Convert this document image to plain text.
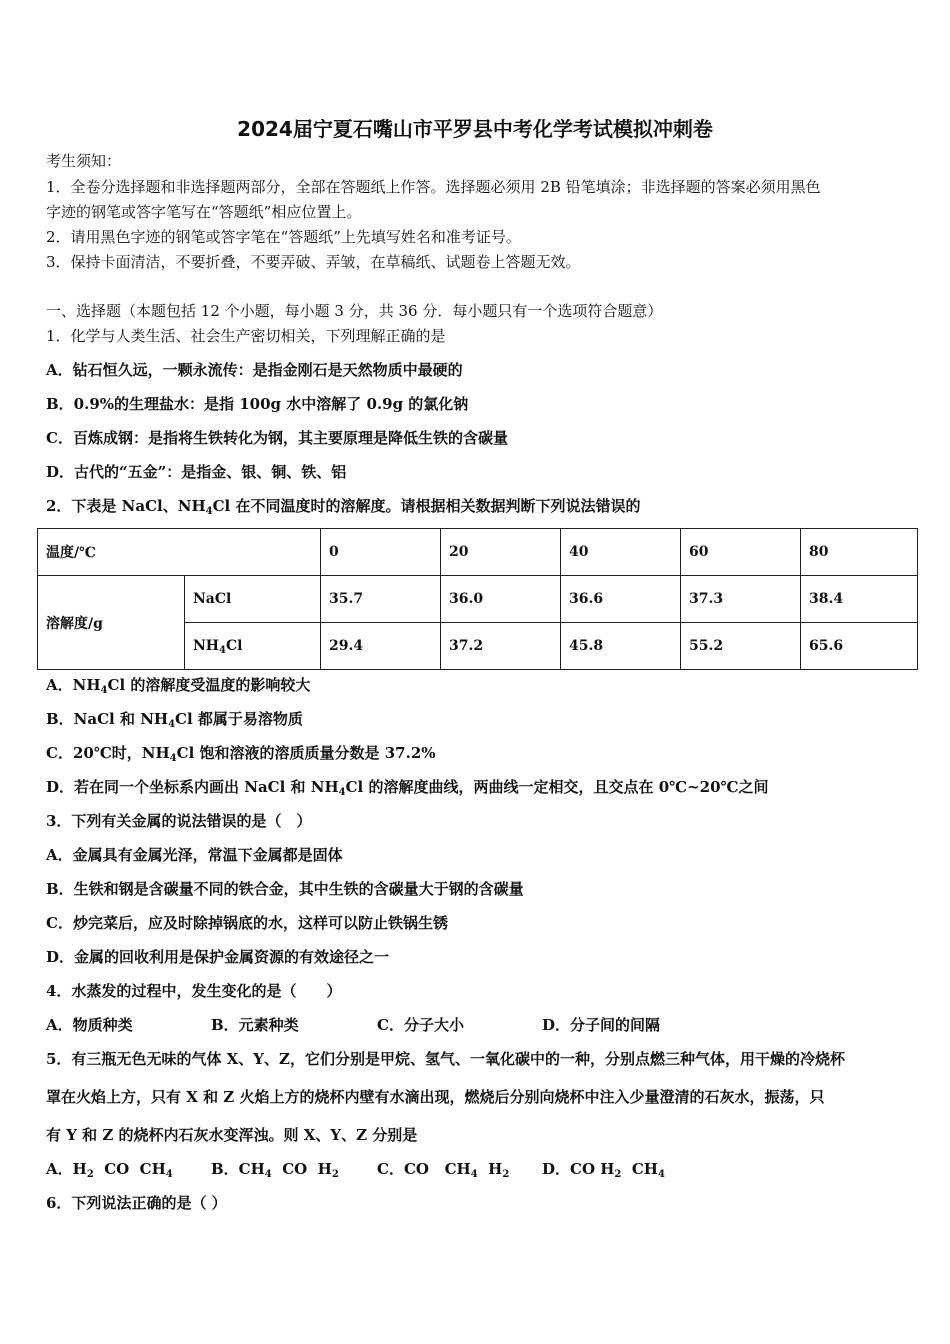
2024届宁夏石嘴山市平罗县中考化学考试模拟冲刺卷
考生须知：
1．全卷分选择题和非选择题两部分，全部在答题纸上作答。选择题必须用 2B 铅笔填涂；非选择题的答案必须用黑色
字迹的钢笔或答字笔写在“答题纸”相应位置上。
2．请用黑色字迹的钢笔或答字笔在“答题纸”上先填写姓名和准考证号。
3．保持卡面清洁，不要折叠，不要弄破、弄皱，在草稿纸、试题卷上答题无效。
一、选择题（本题包括 12 个小题，每小题 3 分，共 36 分．每小题只有一个选项符合题意）
1．化学与人类生活、社会生产密切相关，下列理解正确的是
A．钻石恒久远，一颗永流传：是指金刚石是天然物质中最硬的
B．0.9%的生理盐水：是指 100g 水中溶解了 0.9g 的氯化钠
C．百炼成钢：是指将生铁转化为钢，其主要原理是降低生铁的含碳量
D．古代的“五金”：是指金、银、铜、铁、铝
2．下表是 NaCl、$NH_4Cl$ 在不同温度时的溶解度。请根据相关数据判断下列说法错误的
温度/℃		0	20	40	60	80
溶解度/g	NaCl	35.7	36.0	36.6	37.3	38.4
	$NH_4Cl$	29.4	37.2	45.8	55.2	65.6
A．$NH_4Cl$ 的溶解度受温度的影响较大
B．NaCl 和 $NH_4Cl$ 都属于易溶物质
C．20℃时，$NH_4Cl$ 饱和溶液的溶质质量分数是 37.2%
D．若在同一个坐标系内画出 NaCl 和 $NH_4Cl$ 的溶解度曲线，两曲线一定相交，且交点在 0℃~20℃之间
3．下列有关金属的说法错误的是（　）
A．金属具有金属光泽，常温下金属都是固体
B．生铁和钢是含碳量不同的铁合金，其中生铁的含碳量大于钢的含碳量
C．炒完菜后，应及时除掉锅底的水，这样可以防止铁锅生锈
D．金属的回收利用是保护金属资源的有效途径之一
4．水蒸发的过程中，发生变化的是（　　）
A．物质种类	B．元素种类	C．分子大小	D．分子间的间隔
5．有三瓶无色无味的气体 X、Y、Z，它们分别是甲烷、氢气、一氧化碳中的一种，分别点燃三种气体，用干燥的冷烧杯
罩在火焰上方，只有 X 和 Z 火焰上方的烧杯内壁有水滴出现，燃烧后分别向烧杯中注入少量澄清的石灰水，振荡，只
有 Y 和 Z 的烧杯内石灰水变浑浊。则 X、Y、Z 分别是
A．$H_2$  CO  $CH_4$	B．$CH_4$  CO  $H_2$	C．CO   $CH_4$  $H_2$ D．CO $H_2$  $CH_4$
6．下列说法正确的是（ ）
